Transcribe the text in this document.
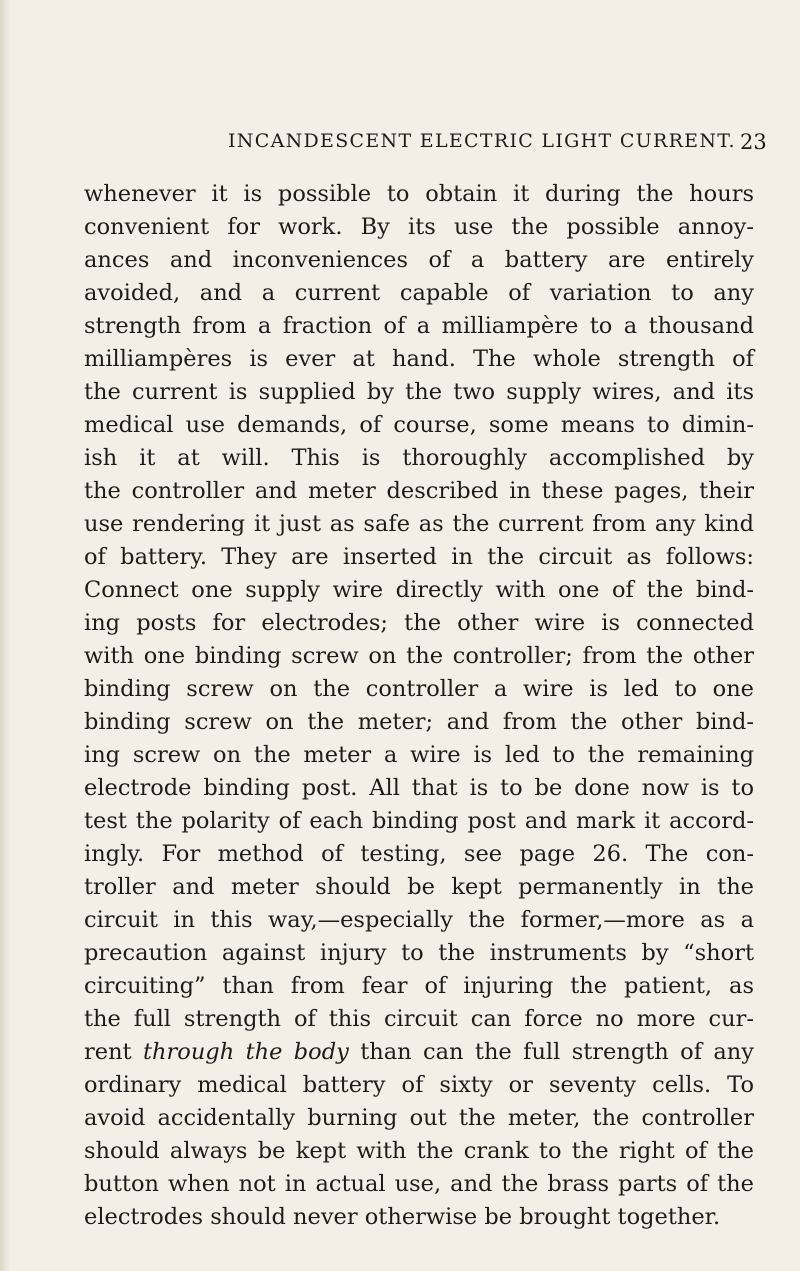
INCANDESCENT ELECTRIC LIGHT CURRENT. 23
whenever it is possible to obtain it during the hours
convenient for work. By its use the possible annoy-
ances and inconveniences of a battery are entirely
avoided, and a current capable of variation to any
strength from a fraction of a milliampère to a thousand
milliampères is ever at hand. The whole strength of
the current is supplied by the two supply wires, and its
medical use demands, of course, some means to dimin-
ish it at will. This is thoroughly accomplished by
the controller and meter described in these pages, their
use rendering it just as safe as the current from any kind
of battery. They are inserted in the circuit as follows:
Connect one supply wire directly with one of the bind-
ing posts for electrodes; the other wire is connected
with one binding screw on the controller; from the other
binding screw on the controller a wire is led to one
binding screw on the meter; and from the other bind-
ing screw on the meter a wire is led to the remaining
electrode binding post. All that is to be done now is to
test the polarity of each binding post and mark it accord-
ingly. For method of testing, see page 26. The con-
troller and meter should be kept permanently in the
circuit in this way,—especially the former,—more as a
precaution against injury to the instruments by “short
circuiting” than from fear of injuring the patient, as
the full strength of this circuit can force no more cur-
rent through the body than can the full strength of any
ordinary medical battery of sixty or seventy cells. To
avoid accidentally burning out the meter, the controller
should always be kept with the crank to the right of the
button when not in actual use, and the brass parts of the
electrodes should never otherwise be brought together.
